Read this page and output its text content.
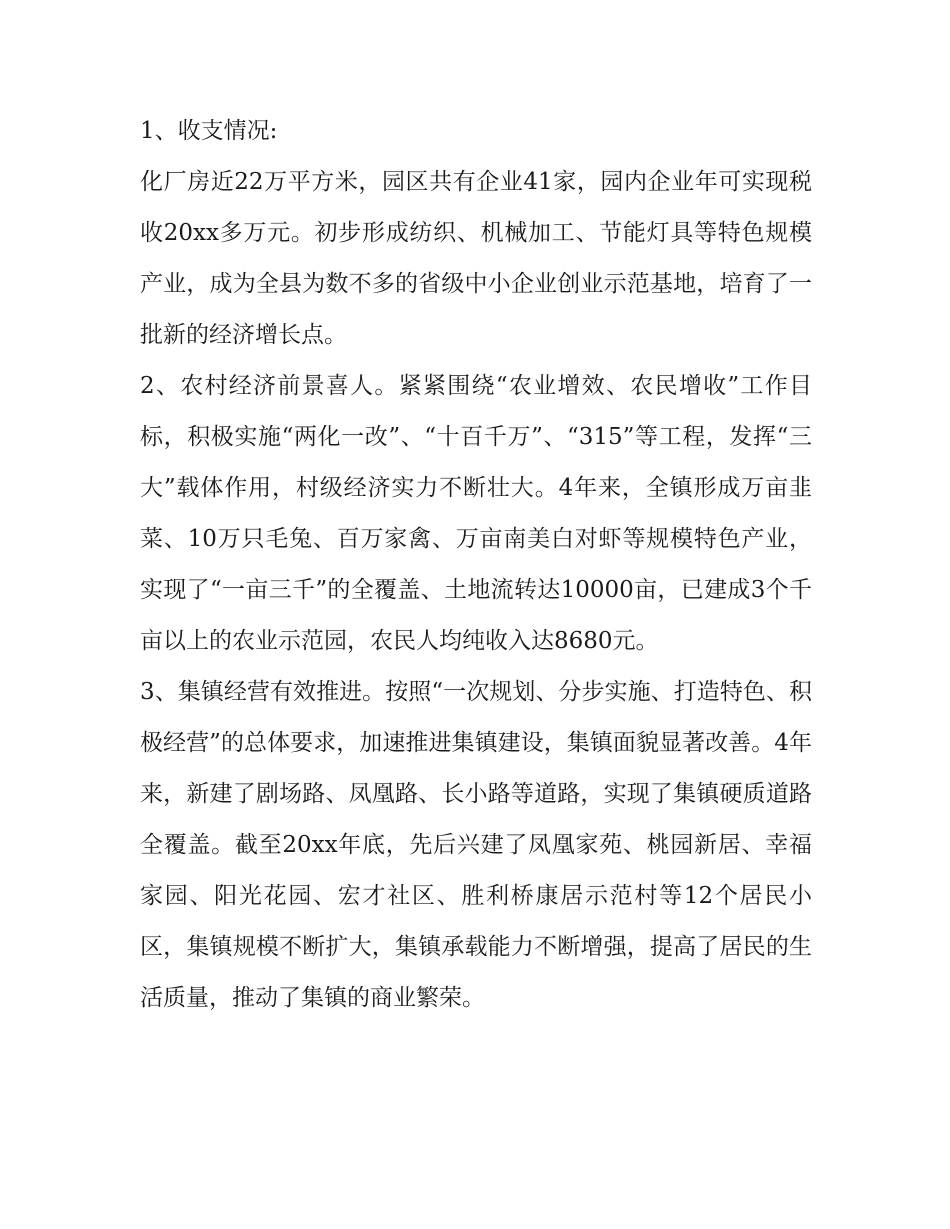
1、收支情况:

化厂房近22万平方米，园区共有企业41家，园内企业年可实现税收20xx多万元。初步形成纺织、机械加工、节能灯具等特色规模产业，成为全县为数不多的省级中小企业创业示范基地，培育了一批新的经济增长点。

2、农村经济前景喜人。紧紧围绕“农业增效、农民增收”工作目标，积极实施“两化一改”、“十百千万”、“315”等工程，发挥“三大”载体作用，村级经济实力不断壮大。4年来，全镇形成万亩韭菜、10万只毛兔、百万家禽、万亩南美白对虾等规模特色产业，实现了“一亩三千”的全覆盖、土地流转达10000亩，已建成3个千亩以上的农业示范园，农民人均纯收入达8680元。

3、集镇经营有效推进。按照“一次规划、分步实施、打造特色、积极经营”的总体要求，加速推进集镇建设，集镇面貌显著改善。4年来，新建了剧场路、凤凰路、长小路等道路，实现了集镇硬质道路全覆盖。截至20xx年底，先后兴建了凤凰家苑、桃园新居、幸福家园、阳光花园、宏才社区、胜利桥康居示范村等12个居民小区，集镇规模不断扩大，集镇承载能力不断增强，提高了居民的生活质量，推动了集镇的商业繁荣。
